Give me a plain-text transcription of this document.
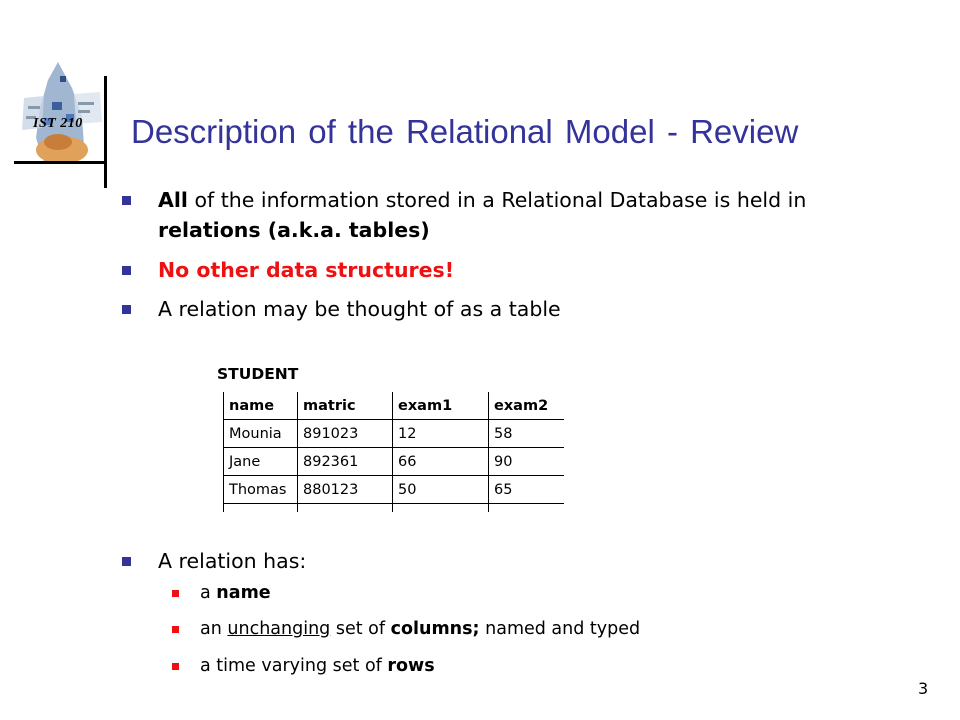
IST 210 Description of the Relational Model - Review
All of the information stored in a Relational Database is held in
relations (a.k.a. tables)
No other data structures!
A relation may be thought of as a table
STUDENT
name	matric	exam1	exam2
Mounia	891023	12	58
Jane	892361	66	90
Thomas	880123	50	65

A relation has:
a name
an unchanging set of columns; named and typed
a time varying set of rows
3
